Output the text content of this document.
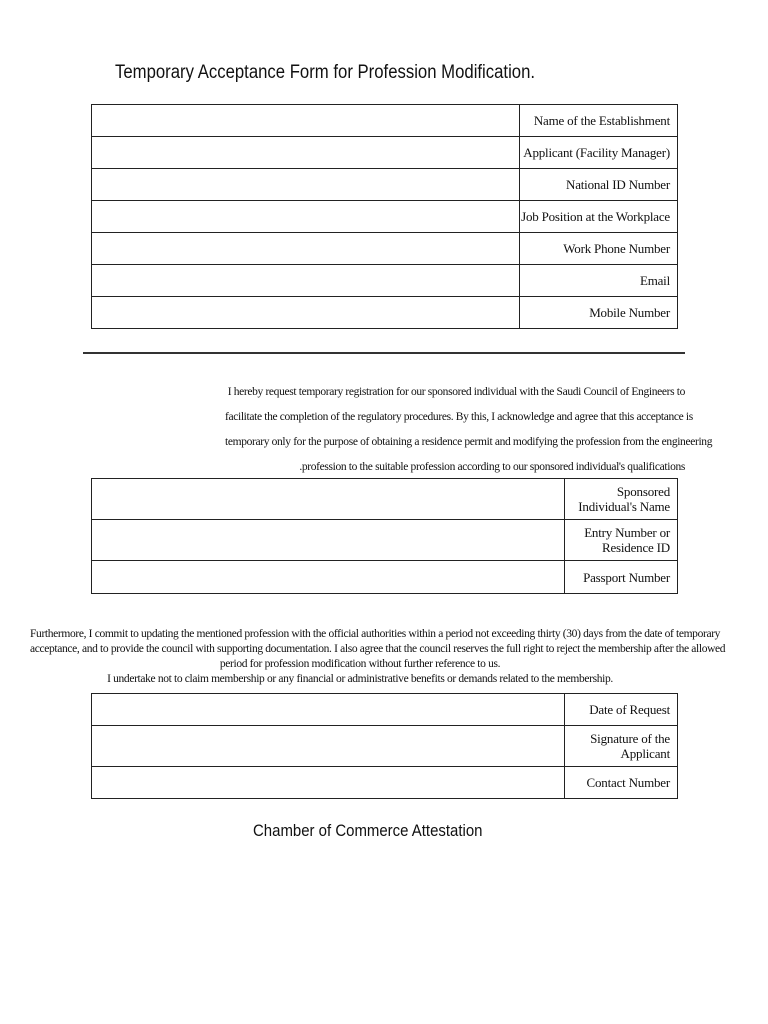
Temporary Acceptance Form for Profession Modification.
	Name of the Establishment
	Applicant (Facility Manager)
	National ID Number
	Job Position at the Workplace
	Work Phone Number
	Email
	Mobile Number
I hereby request temporary registration for our sponsored individual with the Saudi Council of Engineers to
facilitate the completion of the regulatory procedures. By this, I acknowledge and agree that this acceptance is
temporary only for the purpose of obtaining a residence permit and modifying the profession from the engineering
.profession to the suitable profession according to our sponsored individual's qualifications

	Sponsored
Individual's Name

	Entry Number or
Residence ID

	Passport Number
Furthermore, I commit to updating the mentioned profession with the official authorities within a period not exceeding thirty (30) days from the date of temporary
acceptance, and to provide the council with supporting documentation. I also agree that the council reserves the full right to reject the membership after the allowed
period for profession modification without further reference to us.
I undertake not to claim membership or any financial or administrative benefits or demands related to the membership.
	Date of Request

	Signature of the
Applicant

	Contact Number
Chamber of Commerce Attestation
